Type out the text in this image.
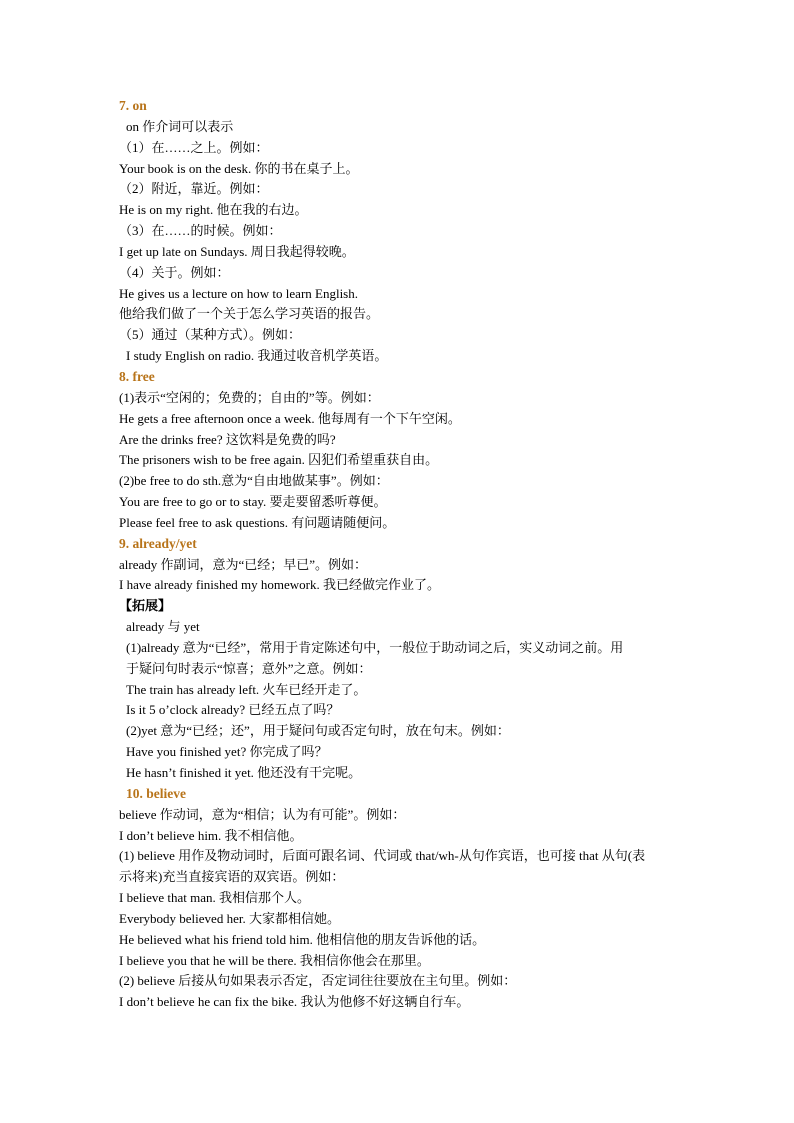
7. on
on 作介词可以表示
（1）在……之上。例如：
Your book is on the desk. 你的书在桌子上。
（2）附近，靠近。例如：
He is on my right. 他在我的右边。
（3）在……的时候。例如：
I get up late on Sundays. 周日我起得较晚。
（4）关于。例如：
He gives us a lecture on how to learn English.
他给我们做了一个关于怎么学习英语的报告。
（5）通过（某种方式）。例如：
I study English on radio. 我通过收音机学英语。
8. free
(1)表示“空闲的；免费的；自由的”等。例如：
He gets a free afternoon once a week. 他每周有一个下午空闲。
Are the drinks free? 这饮料是免费的吗?
The prisoners wish to be free again. 囚犯们希望重获自由。
(2)be free to do sth.意为“自由地做某事”。例如：
You are free to go or to stay. 要走要留悉听尊便。
Please feel free to ask questions. 有问题请随便问。
9. already/yet
already 作副词，意为“已经；早已”。例如：
I have already finished my homework. 我已经做完作业了。
【拓展】
already 与 yet
(1)already 意为“已经”，常用于肯定陈述句中，一般位于助动词之后，实义动词之前。用
于疑问句时表示“惊喜；意外”之意。例如：
The train has already left. 火车已经开走了。
Is it 5 o’clock already? 已经五点了吗？
(2)yet 意为“已经；还”，用于疑问句或否定句时，放在句末。例如：
Have you finished yet? 你完成了吗？
He hasn’t finished it yet. 他还没有干完呢。
10. believe
believe 作动词，意为“相信；认为有可能”。例如：
I don’t believe him. 我不相信他。
(1) believe 用作及物动词时，后面可跟名词、代词或 that/wh-从句作宾语，也可接 that 从句(表
示将来)充当直接宾语的双宾语。例如：
I believe that man. 我相信那个人。
Everybody believed her. 大家都相信她。
He believed what his friend told him. 他相信他的朋友告诉他的话。
I believe you that he will be there. 我相信你他会在那里。
(2) believe 后接从句如果表示否定，否定词往往要放在主句里。例如：
I don’t believe he can fix the bike. 我认为他修不好这辆自行车。
